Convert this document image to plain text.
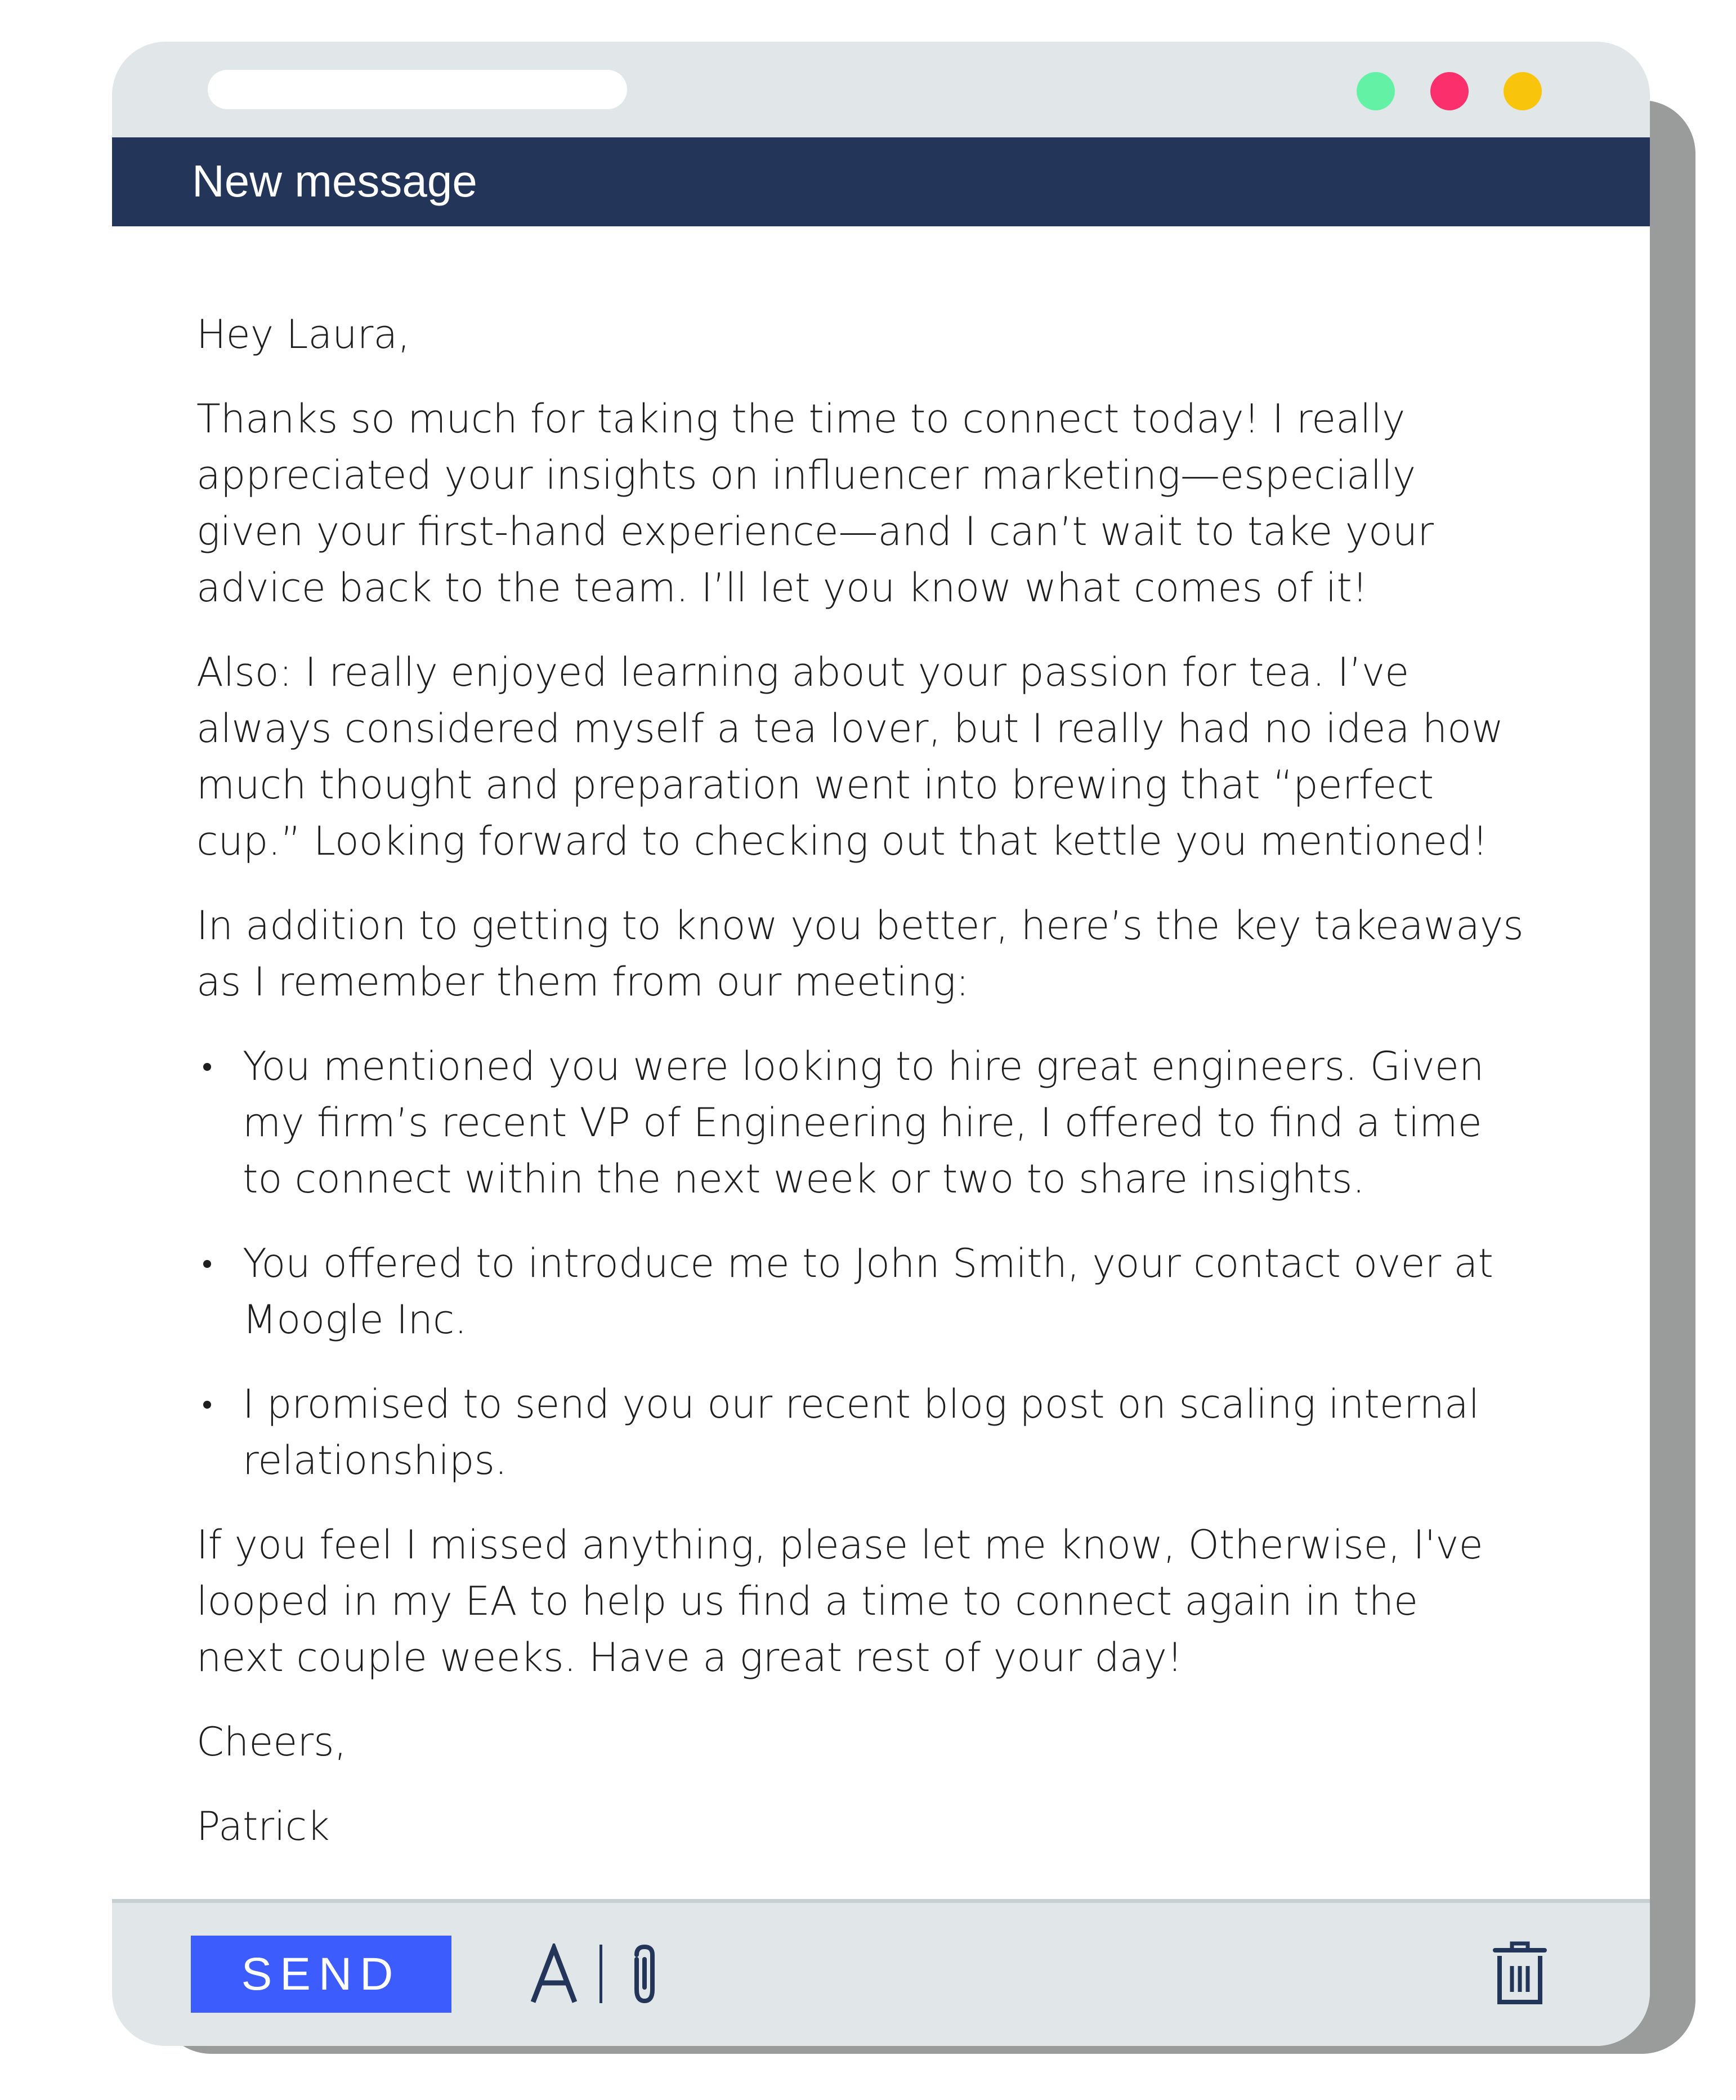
New message

Hey Laura,

Thanks so much for taking the time to connect today! I really
appreciated your insights on influencer marketing—especially
given your first-hand experience—and I can’t wait to take your
advice back to the team. I’ll let you know what comes of it!

Also: I really enjoyed learning about your passion for tea. I’ve
always considered myself a tea lover, but I really had no idea how
much thought and preparation went into brewing that “perfect
cup.” Looking forward to checking out that kettle you mentioned!

In addition to getting to know you better, here’s the key takeaways
as I remember them from our meeting:

You mentioned you were looking to hire great engineers. Given
my firm’s recent VP of Engineering hire, I offered to find a time
to connect within the next week or two to share insights.
You offered to introduce me to John Smith, your contact over at
Moogle Inc.
I promised to send you our recent blog post on scaling internal
relationships.

If you feel I missed anything, please let me know, Otherwise, I've
looped in my EA to help us find a time to connect again in the
next couple weeks. Have a great rest of your day!

Cheers,

Patrick

SEND
